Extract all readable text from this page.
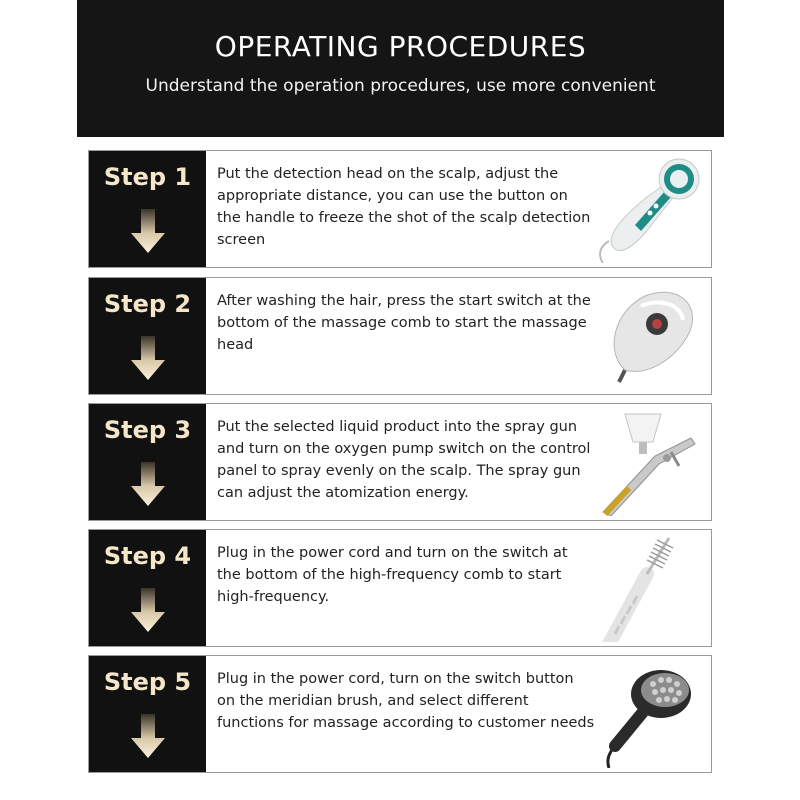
OPERATING PROCEDURES
Understand the operation procedures, use more convenient
Step 1	Put the detection head on the scalp, adjust the appropriate distance, you can use the button on the handle to freeze the shot of the scalp detection screen
Step 2	After washing the hair, press the start switch at the bottom of the massage comb to start the massage head
Step 3	Put the selected liquid product into the spray gun and turn on the oxygen pump switch on the control panel to spray evenly on the scalp. The spray gun can adjust the atomization energy.
Step 4	Plug in the power cord and turn on the switch at the bottom of the high-frequency comb to start high-frequency.
Step 5	Plug in the power cord, turn on the switch button on the meridian brush, and select different functions for massage according to customer needs
